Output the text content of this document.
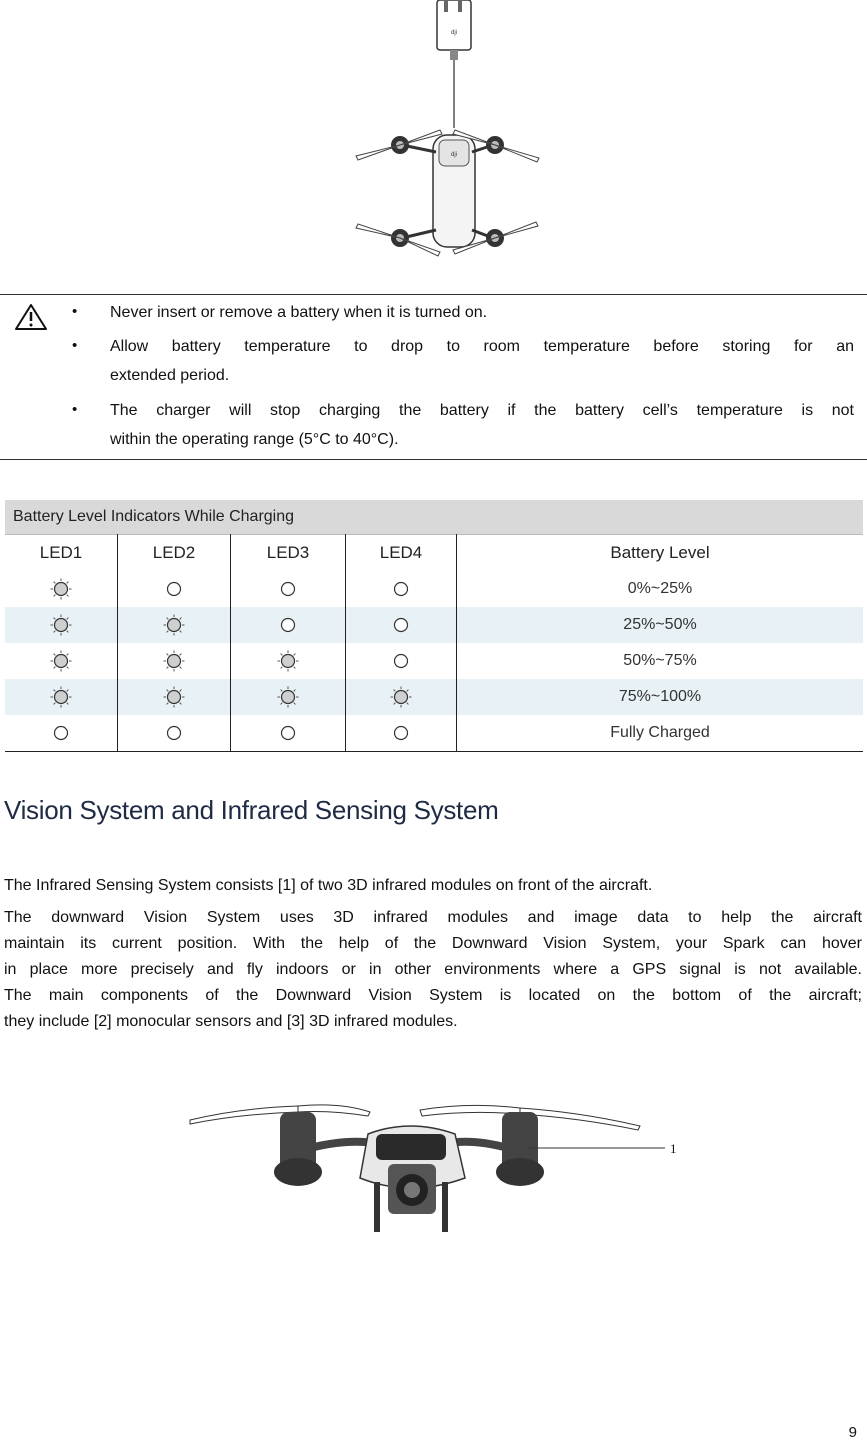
dji
dji
• Never insert or remove a battery when it is turned on.
• Allow battery temperature to drop to room temperature before storing for an
extended period.
• The charger will stop charging the battery if the battery cell’s temperature is not
within the operating range (5°C to 40°C).
Battery Level Indicators While Charging				
LED1	LED2	LED3	LED4	Battery Level
				0%~25%
				25%~50%
				50%~75%
				75%~100%
				Fully Charged
Vision System and Infrared Sensing System
The Infrared Sensing System consists [1] of two 3D infrared modules on front of the aircraft.
The downward Vision System uses 3D infrared modules and image data to help the aircraft
maintain its current position. With the help of the Downward Vision System, your Spark can hover
in place more precisely and fly indoors or in other environments where a GPS signal is not available.
The main components of the Downward Vision System is located on the bottom of the aircraft;
they include [2] monocular sensors and [3] 3D infrared modules.
1
9
